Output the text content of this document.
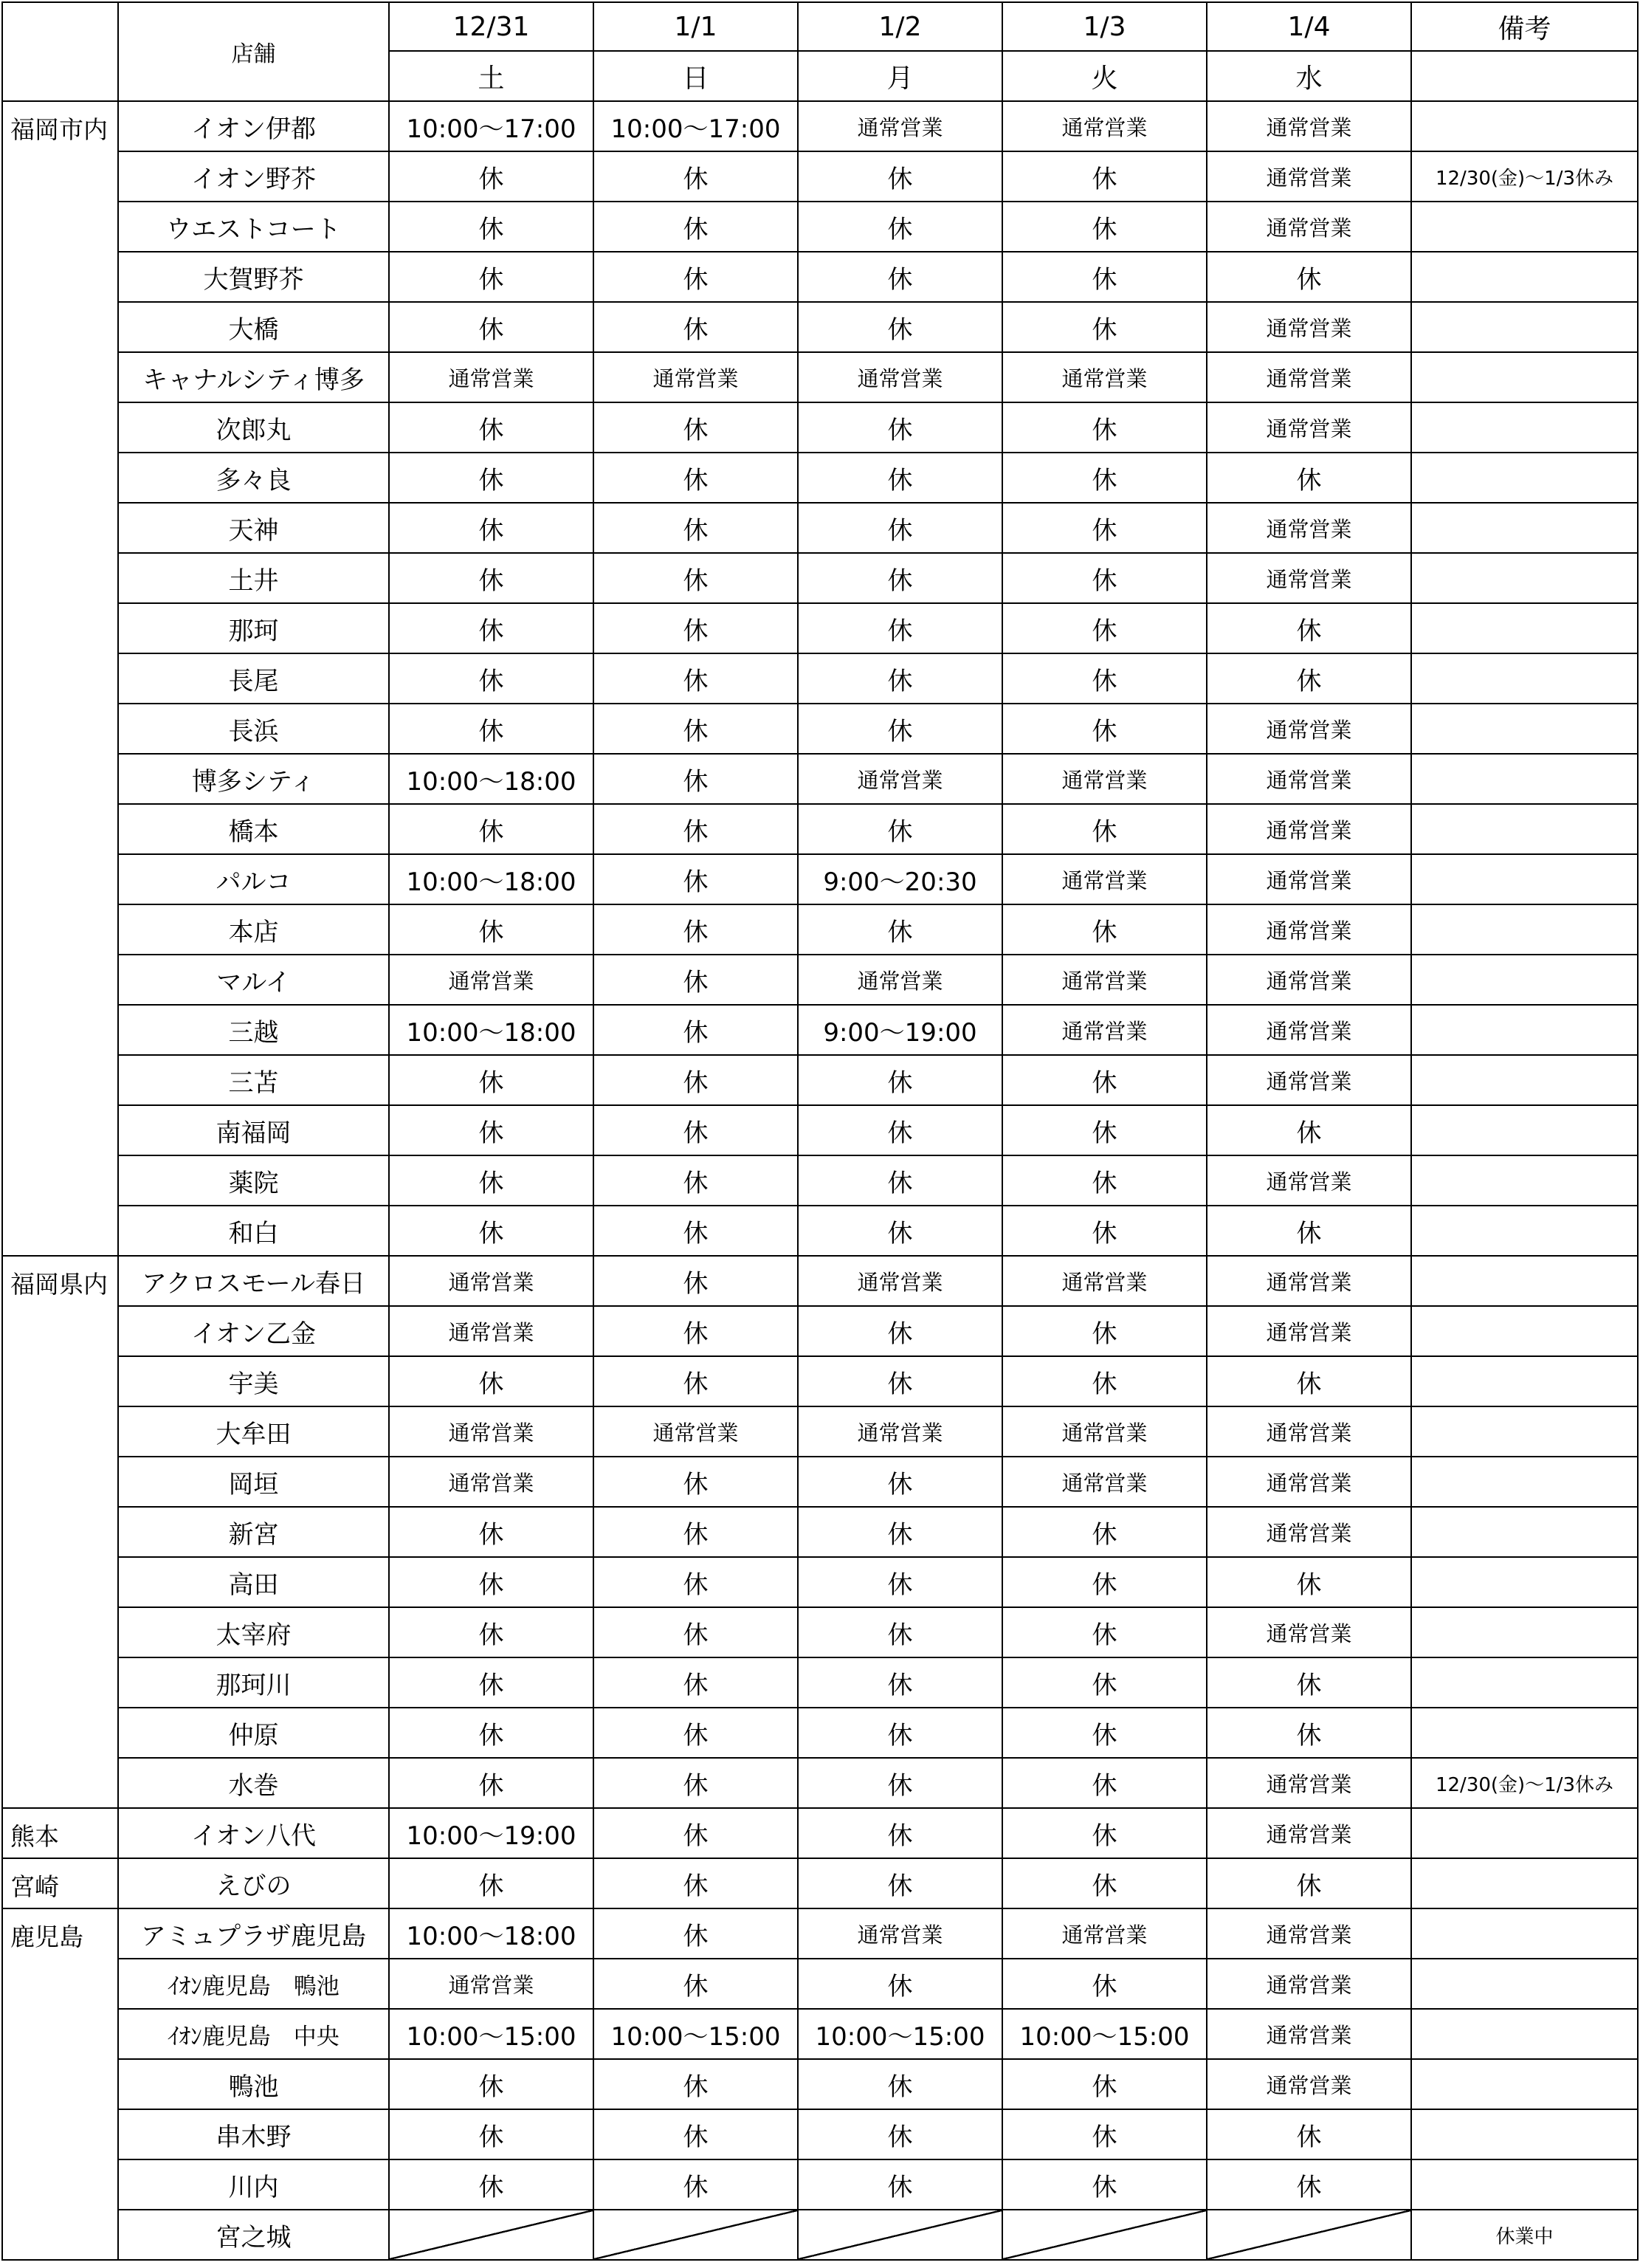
	店舗	12/31	1/1	1/2	1/3	1/4	備考
		土	日	月	火	水	
福岡市内	イオン伊都	10:00～17:00	10:00～17:00	通常営業	通常営業	通常営業	
	イオン野芥	休	休	休	休	通常営業	12/30(金)～1/3休み
	ウエストコート	休	休	休	休	通常営業	
	大賀野芥	休	休	休	休	休	
	大橋	休	休	休	休	通常営業	
	キャナルシティ博多	通常営業	通常営業	通常営業	通常営業	通常営業	
	次郎丸	休	休	休	休	通常営業	
	多々良	休	休	休	休	休	
	天神	休	休	休	休	通常営業	
	土井	休	休	休	休	通常営業	
	那珂	休	休	休	休	休	
	長尾	休	休	休	休	休	
	長浜	休	休	休	休	通常営業	
	博多シティ	10:00～18:00	休	通常営業	通常営業	通常営業	
	橋本	休	休	休	休	通常営業	
	パルコ	10:00～18:00	休	9:00～20:30	通常営業	通常営業	
	本店	休	休	休	休	通常営業	
	マルイ	通常営業	休	通常営業	通常営業	通常営業	
	三越	10:00～18:00	休	9:00～19:00	通常営業	通常営業	
	三苫	休	休	休	休	通常営業	
	南福岡	休	休	休	休	休	
	薬院	休	休	休	休	通常営業	
	和白	休	休	休	休	休	
福岡県内	アクロスモール春日	通常営業	休	通常営業	通常営業	通常営業	
	イオン乙金	通常営業	休	休	休	通常営業	
	宇美	休	休	休	休	休	
	大牟田	通常営業	通常営業	通常営業	通常営業	通常営業	
	岡垣	通常営業	休	休	通常営業	通常営業	
	新宮	休	休	休	休	通常営業	
	高田	休	休	休	休	休	
	太宰府	休	休	休	休	通常営業	
	那珂川	休	休	休	休	休	
	仲原	休	休	休	休	休	
	水巻	休	休	休	休	通常営業	12/30(金)～1/3休み
熊本	イオン八代	10:00～19:00	休	休	休	通常営業	
宮崎	えびの	休	休	休	休	休	
鹿児島	アミュプラザ鹿児島	10:00～18:00	休	通常営業	通常営業	通常営業	
	ｲｵﾝ鹿児島　鴨池	通常営業	休	休	休	通常営業	
	ｲｵﾝ鹿児島　中央	10:00～15:00	10:00～15:00	10:00～15:00	10:00～15:00	通常営業	
	鴨池	休	休	休	休	通常営業	
	串木野	休	休	休	休	休	
	川内	休	休	休	休	休	
	宮之城						休業中
